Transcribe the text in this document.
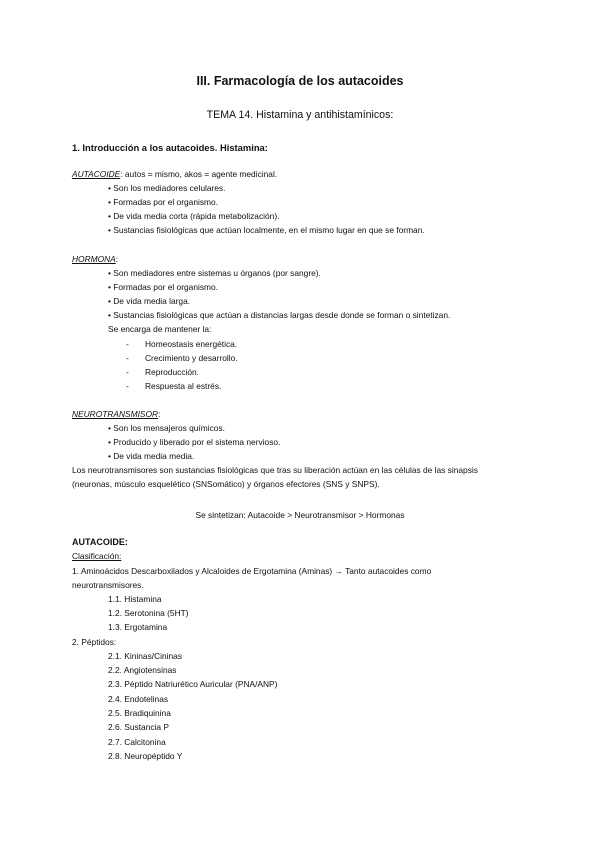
III. Farmacología de los autacoides
TEMA 14. Histamina y antihistamínicos:
1. Introducción a los autacoides. Histamina:
AUTACOIDE: autos = mismo, akos = agente medicinal.
• Son los mediadores celulares.
• Formadas por el organismo.
• De vida media corta (rápida metabolización).
• Sustancias fisiológicas que actúan localmente, en el mismo lugar en que se forman.
HORMONA:
• Son mediadores entre sistemas u órganos (por sangre).
• Formadas por el organismo.
• De vida media larga.
• Sustancias fisiológicas que actúan a distancias largas desde donde se forman o sintetizan.
Se encarga de mantener la:
- Homeostasis energética.
- Crecimiento y desarrollo.
- Reproducción.
- Respuesta al estrés.
NEUROTRANSMISOR:
• Son los mensajeros químicos.
• Producido y liberado por el sistema nervioso.
• De vida media media.
Los neurotransmisores son sustancias fisiológicas que tras su liberación actúan en las células de las sinapsis
(neuronas, músculo esquelético (SNSomático) y órganos efectores (SNS y SNPS).
Se sintetizan: Autacoide > Neurotransmisor > Hormonas
AUTACOIDE:
Clasificación:
1. Aminoácidos Descarboxilados y Alcaloides de Ergotamina (Aminas) → Tanto autacoides como
neurotransmisores.
1.1. Histamina
1.2. Serotonina (5HT)
1.3. Ergotamina
2. Péptidos:
2.1. Kininas/Cininas
2.2. Angiotensinas
2.3. Péptido Natriurético Auricular (PNA/ANP)
2.4. Endotelinas
2.5. Bradiquinina
2.6. Sustancia P
2.7. Calcitonina
2.8. Neuropéptido Y
